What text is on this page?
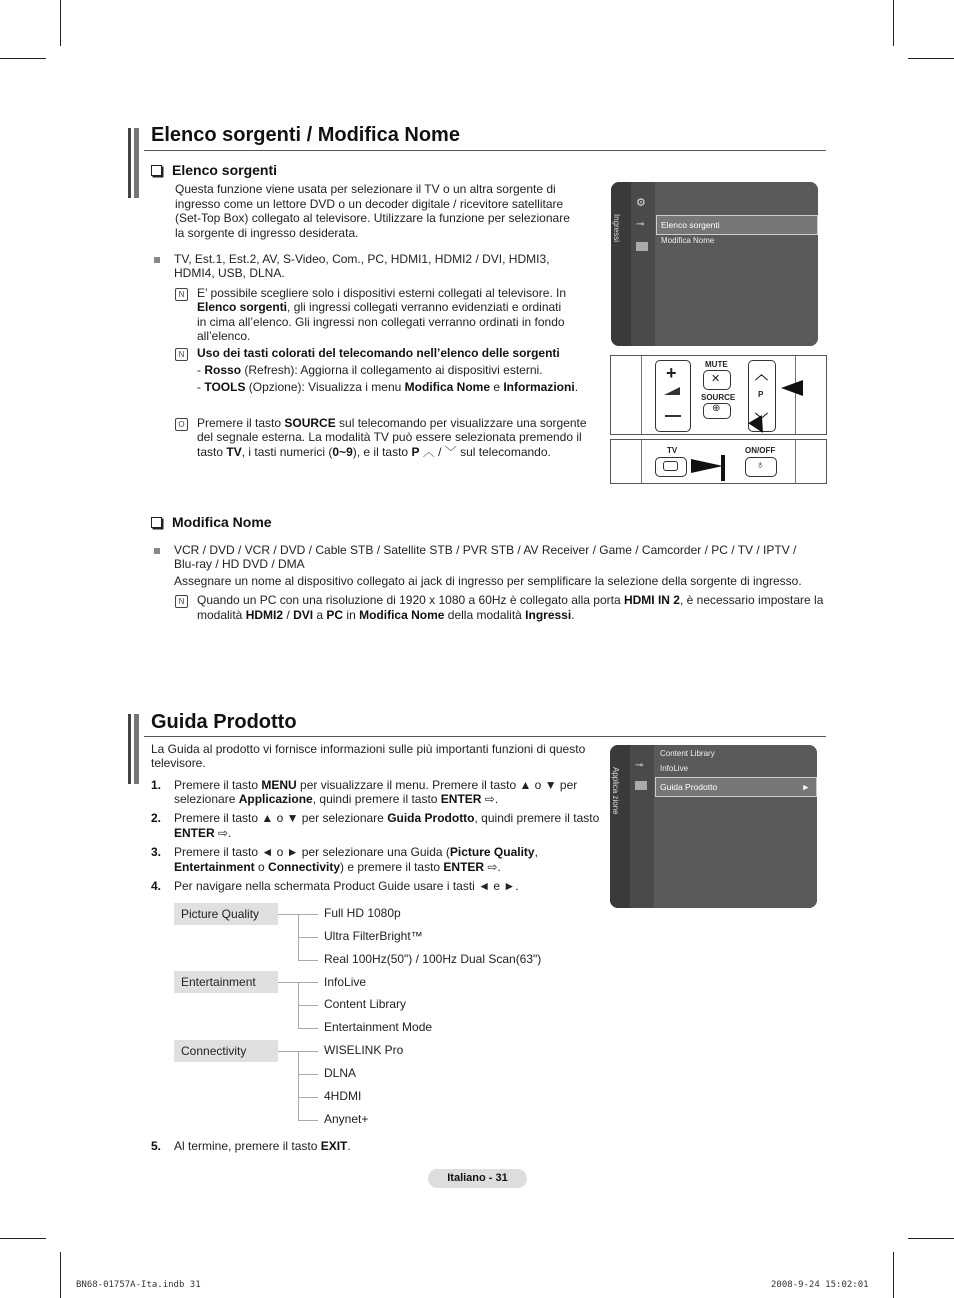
Elenco sorgenti / Modifica Nome
Elenco sorgenti
Questa funzione viene usata per selezionare il TV o un altra sorgente di ingresso come un lettore DVD o un decoder digitale / ricevitore satellitare (Set-Top Box) collegato al televisore. Utilizzare la funzione per selezionare la sorgente di ingresso desiderata.
TV, Est.1, Est.2, AV, S-Video, Com., PC, HDMI1, HDMI2 / DVI, HDMI3,
HDMI4, USB, DLNA.
N	E’ possibile scegliere solo i dispositivi esterni collegati al televisore. In
Elenco sorgenti, gli ingressi collegati verranno evidenziati e ordinati
in cima all’elenco. Gli ingressi non collegati verranno ordinati in fondo
all’elenco.
N	Uso dei tasti colorati del telecomando nell’elenco delle sorgenti
- Rosso (Refresh): Aggiorna il collegamento ai dispositivi esterni.
- TOOLS (Opzione): Visualizza i menu Modifica Nome e Informazioni.
O Premere il tasto SOURCE sul telecomando per visualizzare una sorgente
del segnale esterna. La modalità TV può essere selezionata premendo il
tasto TV, i tasti numerici (0~9), e il tasto P ︿ / ﹀ sul telecomando.
Ingressi
⚙
⊸	Elenco sorgenti
Modifica Nome
+	MUTE
✕
SOURCE
⊕
︿
P
﹀
TV	ON/OFF
♁
Modifica Nome
VCR / DVD / VCR / DVD / Cable STB / Satellite STB / PVR STB / AV Receiver / Game / Camcorder / PC / TV / IPTV /
Blu-ray / HD DVD / DMA
Assegnare un nome al dispositivo collegato ai jack di ingresso per semplificare la selezione della sorgente di ingresso.
N	Quando un PC con una risoluzione di 1920 x 1080 a 60Hz è collegato alla porta HDMI IN 2, è necessario impostare la
modalità HDMI2 / DVI a PC in Modifica Nome della modalità Ingressi.
Guida Prodotto
La Guida al prodotto vi fornisce informazioni sulle più importanti funzioni di questo
televisore.
1. Premere il tasto MENU per visualizzare il menu. Premere il tasto ▲ o ▼ per
selezionare Applicazione, quindi premere il tasto ENTER ⇨.
2. Premere il tasto ▲ o ▼ per selezionare Guida Prodotto, quindi premere il tasto
ENTER ⇨.
3. Premere il tasto ◄ o ► per selezionare una Guida (Picture Quality,
Entertainment o Connectivity) e premere il tasto ENTER ⇨.
4. Per navigare nella schermata Product Guide usare i tasti ◄ e ►.
Applica zione
⊸
Content Library
InfoLive
Guida Prodotto	►
Picture Quality
Entertainment
Connectivity
Full HD 1080p
Ultra FilterBright™
Real 100Hz(50") / 100Hz Dual Scan(63")
InfoLive
Content Library
Entertainment Mode
WISELINK Pro
DLNA
4HDMI
Anynet+
5. Al termine, premere il tasto EXIT.
Italiano - 31
BN68-01757A-Ita.indb 31	2008-9-24 15:02:01
